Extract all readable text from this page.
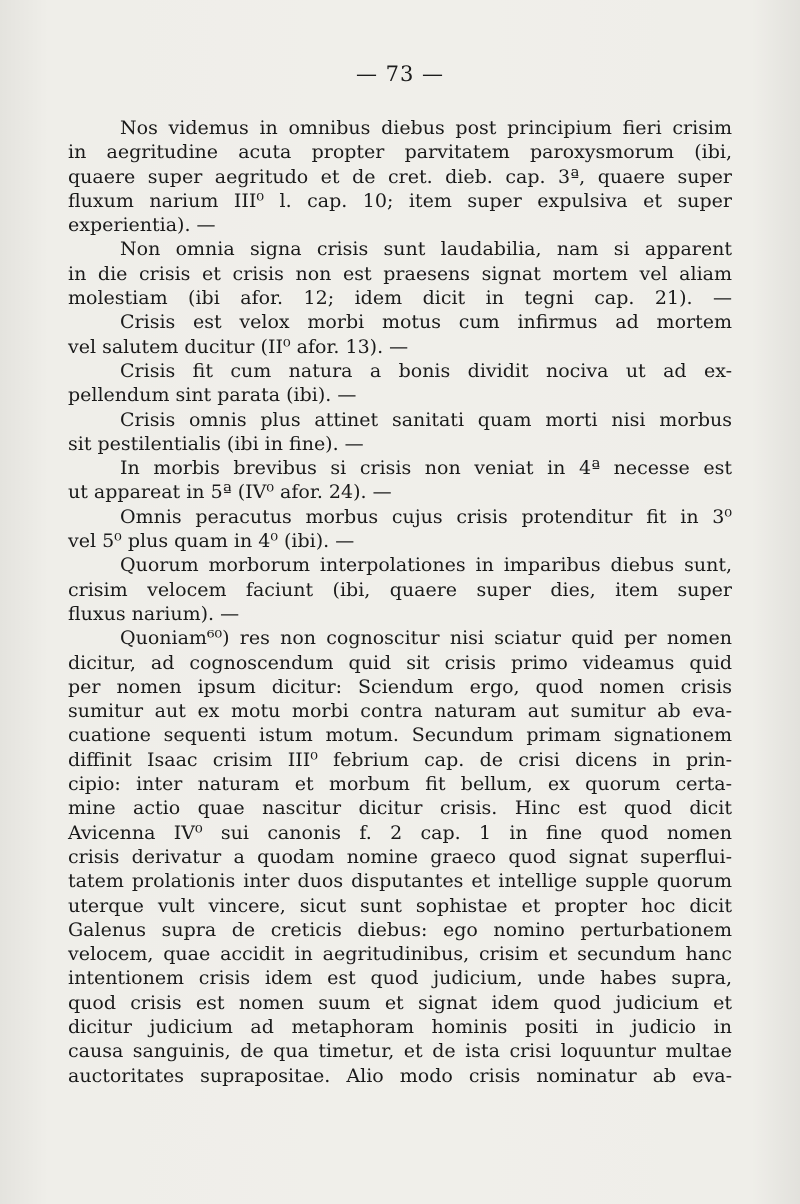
— 73 —
Nos videmus in omnibus diebus post principium fieri crisim
in aegritudine acuta propter parvitatem paroxysmorum (ibi,
quaere super aegritudo et de cret. dieb. cap. 3ª, quaere super
fluxum narium III⁰ l. cap. 10; item super expulsiva et super
experientia). —
Non omnia signa crisis sunt laudabilia, nam si apparent
in die crisis et crisis non est praesens signat mortem vel aliam
molestiam (ibi afor. 12; idem dicit in tegni cap. 21). —
Crisis est velox morbi motus cum infirmus ad mortem
vel salutem ducitur (II⁰ afor. 13). —
Crisis fit cum natura a bonis dividit nociva ut ad ex-
pellendum sint parata (ibi). —
Crisis omnis plus attinet sanitati quam morti nisi morbus
sit pestilentialis (ibi in fine). —
In morbis brevibus si crisis non veniat in 4ª necesse est
ut appareat in 5ª (IV⁰ afor. 24). —
Omnis peracutus morbus cujus crisis protenditur fit in 3⁰
vel 5⁰ plus quam in 4⁰ (ibi). —
Quorum morborum interpolationes in imparibus diebus sunt,
crisim velocem faciunt (ibi, quaere super dies, item super
fluxus narium). —
Quoniam⁶⁰) res non cognoscitur nisi sciatur quid per nomen
dicitur, ad cognoscendum quid sit crisis primo videamus quid
per nomen ipsum dicitur: Sciendum ergo, quod nomen crisis
sumitur aut ex motu morbi contra naturam aut sumitur ab eva-
cuatione sequenti istum motum. Secundum primam signationem
diffinit Isaac crisim III⁰ febrium cap. de crisi dicens in prin-
cipio: inter naturam et morbum fit bellum, ex quorum certa-
mine actio quae nascitur dicitur crisis. Hinc est quod dicit
Avicenna IV⁰ sui canonis f. 2 cap. 1 in fine quod nomen
crisis derivatur a quodam nomine graeco quod signat superflui-
tatem prolationis inter duos disputantes et intellige supple quorum
uterque vult vincere, sicut sunt sophistae et propter hoc dicit
Galenus supra de creticis diebus: ego nomino perturbationem
velocem, quae accidit in aegritudinibus, crisim et secundum hanc
intentionem crisis idem est quod judicium, unde habes supra,
quod crisis est nomen suum et signat idem quod judicium et
dicitur judicium ad metaphoram hominis positi in judicio in
causa sanguinis, de qua timetur, et de ista crisi loquuntur multae
auctoritates suprapositae. Alio modo crisis nominatur ab eva-
